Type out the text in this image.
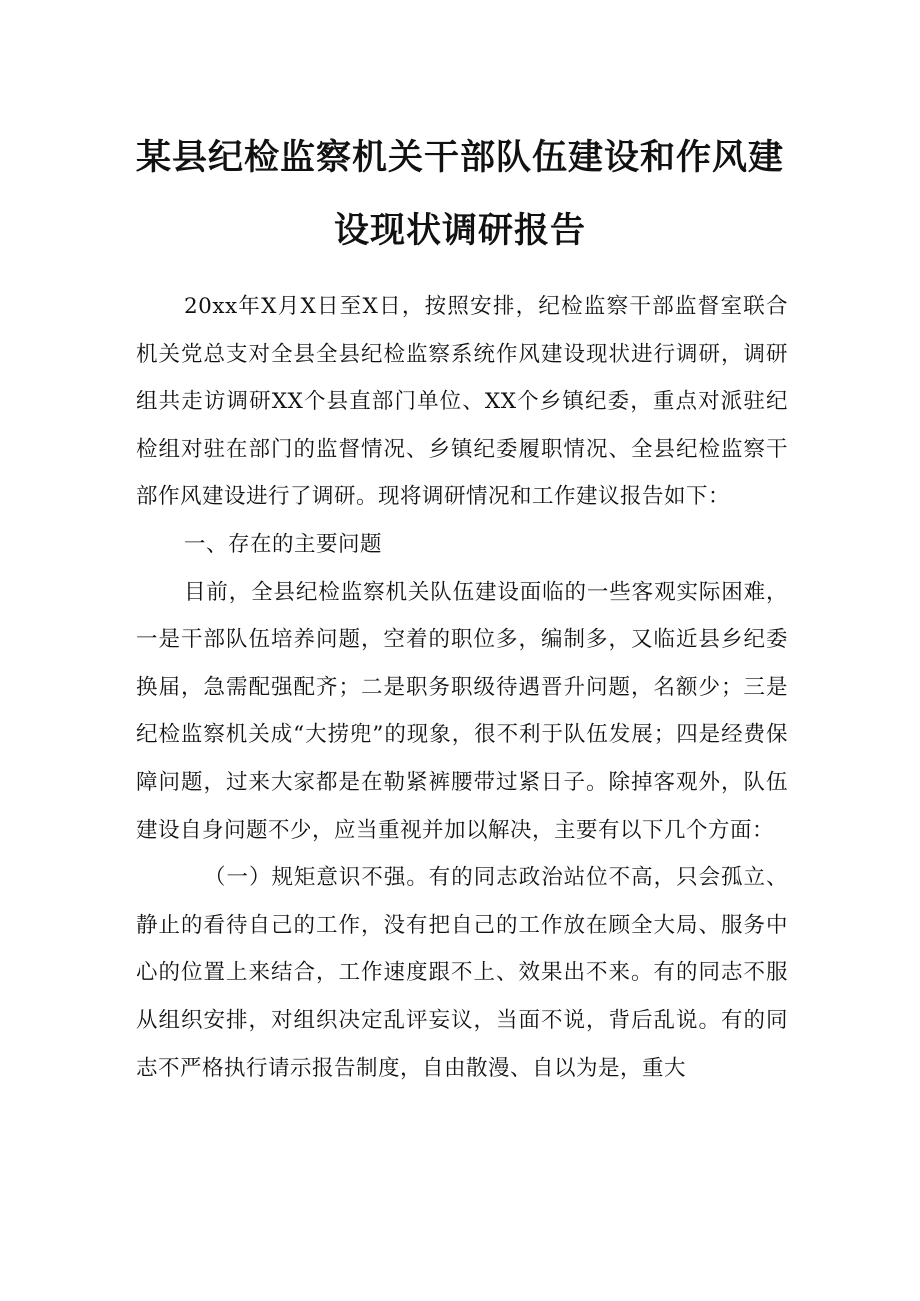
某县纪检监察机关干部队伍建设和作风建
设现状调研报告

20xx年X月X日至X日，按照安排，纪检监察干部监督室联合机关党总支对全县全县纪检监察系统作风建设现状进行调研，调研组共走访调研XX个县直部门单位、XX个乡镇纪委，重点对派驻纪检组对驻在部门的监督情况、乡镇纪委履职情况、全县纪检监察干部作风建设进行了调研。现将调研情况和工作建议报告如下：

一、存在的主要问题

目前，全县纪检监察机关队伍建设面临的一些客观实际困难，一是干部队伍培养问题，空着的职位多，编制多，又临近县乡纪委换届，急需配强配齐；二是职务职级待遇晋升问题，名额少；三是纪检监察机关成“大捞兜”的现象，很不利于队伍发展；四是经费保障问题，过来大家都是在勒紧裤腰带过紧日子。除掉客观外，队伍建设自身问题不少，应当重视并加以解决，主要有以下几个方面：

（一）规矩意识不强。有的同志政治站位不高，只会孤立、静止的看待自己的工作，没有把自己的工作放在顾全大局、服务中心的位置上来结合，工作速度跟不上、效果出不来。有的同志不服从组织安排，对组织决定乱评妄议，当面不说，背后乱说。有的同志不严格执行请示报告制度，自由散漫、自以为是，重大
